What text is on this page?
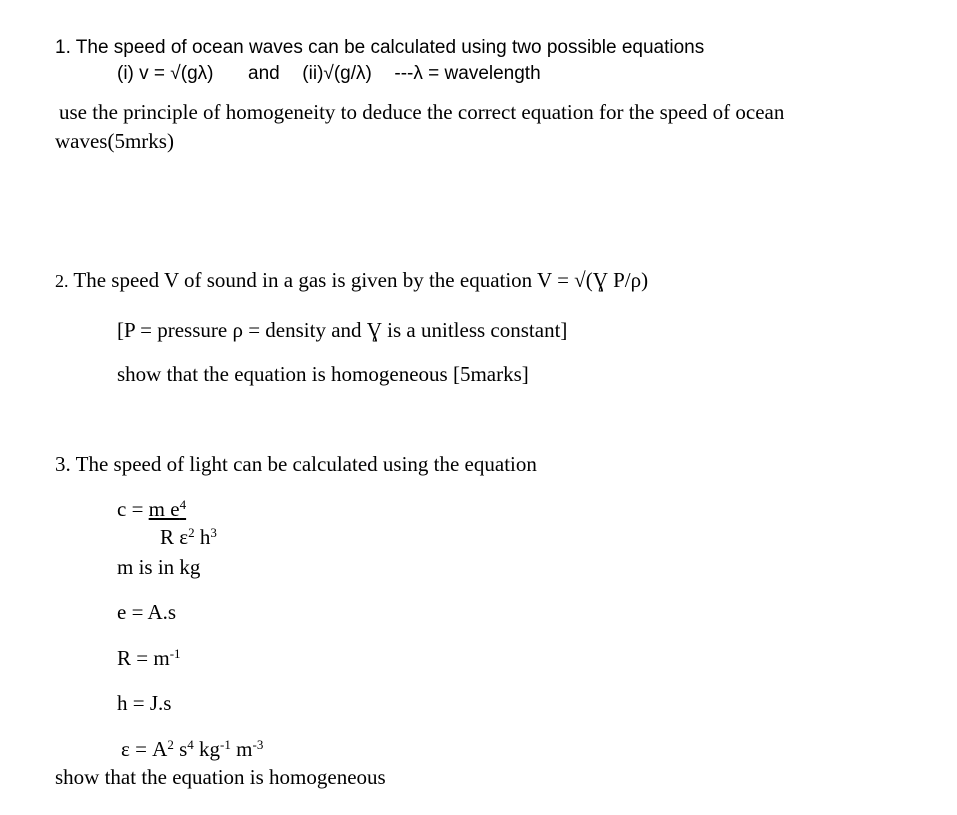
1. The speed of ocean waves can be calculated using two possible equations
(i) v = √(gλ) and (ii)√(g/λ) ---λ = wavelength
use the principle of homogeneity to deduce the correct equation for the speed of ocean
waves(5mrks)
2. The speed V of sound in a gas is given by the equation V = √(Ɣ P/ρ)
[P = pressure ρ = density and Ɣ is a unitless constant]
show that the equation is homogeneous [5marks]
3. The speed of light can be calculated using the equation
c = m $e^4$
R $\varepsilon^2$ $h^3$
m is in kg
e = A.s
$R = m^{-1}$
h = J.s
$\varepsilon = A^2$ $s^4$ $kg^{-1}$ $m^{-3}$
show that the equation is homogeneous
